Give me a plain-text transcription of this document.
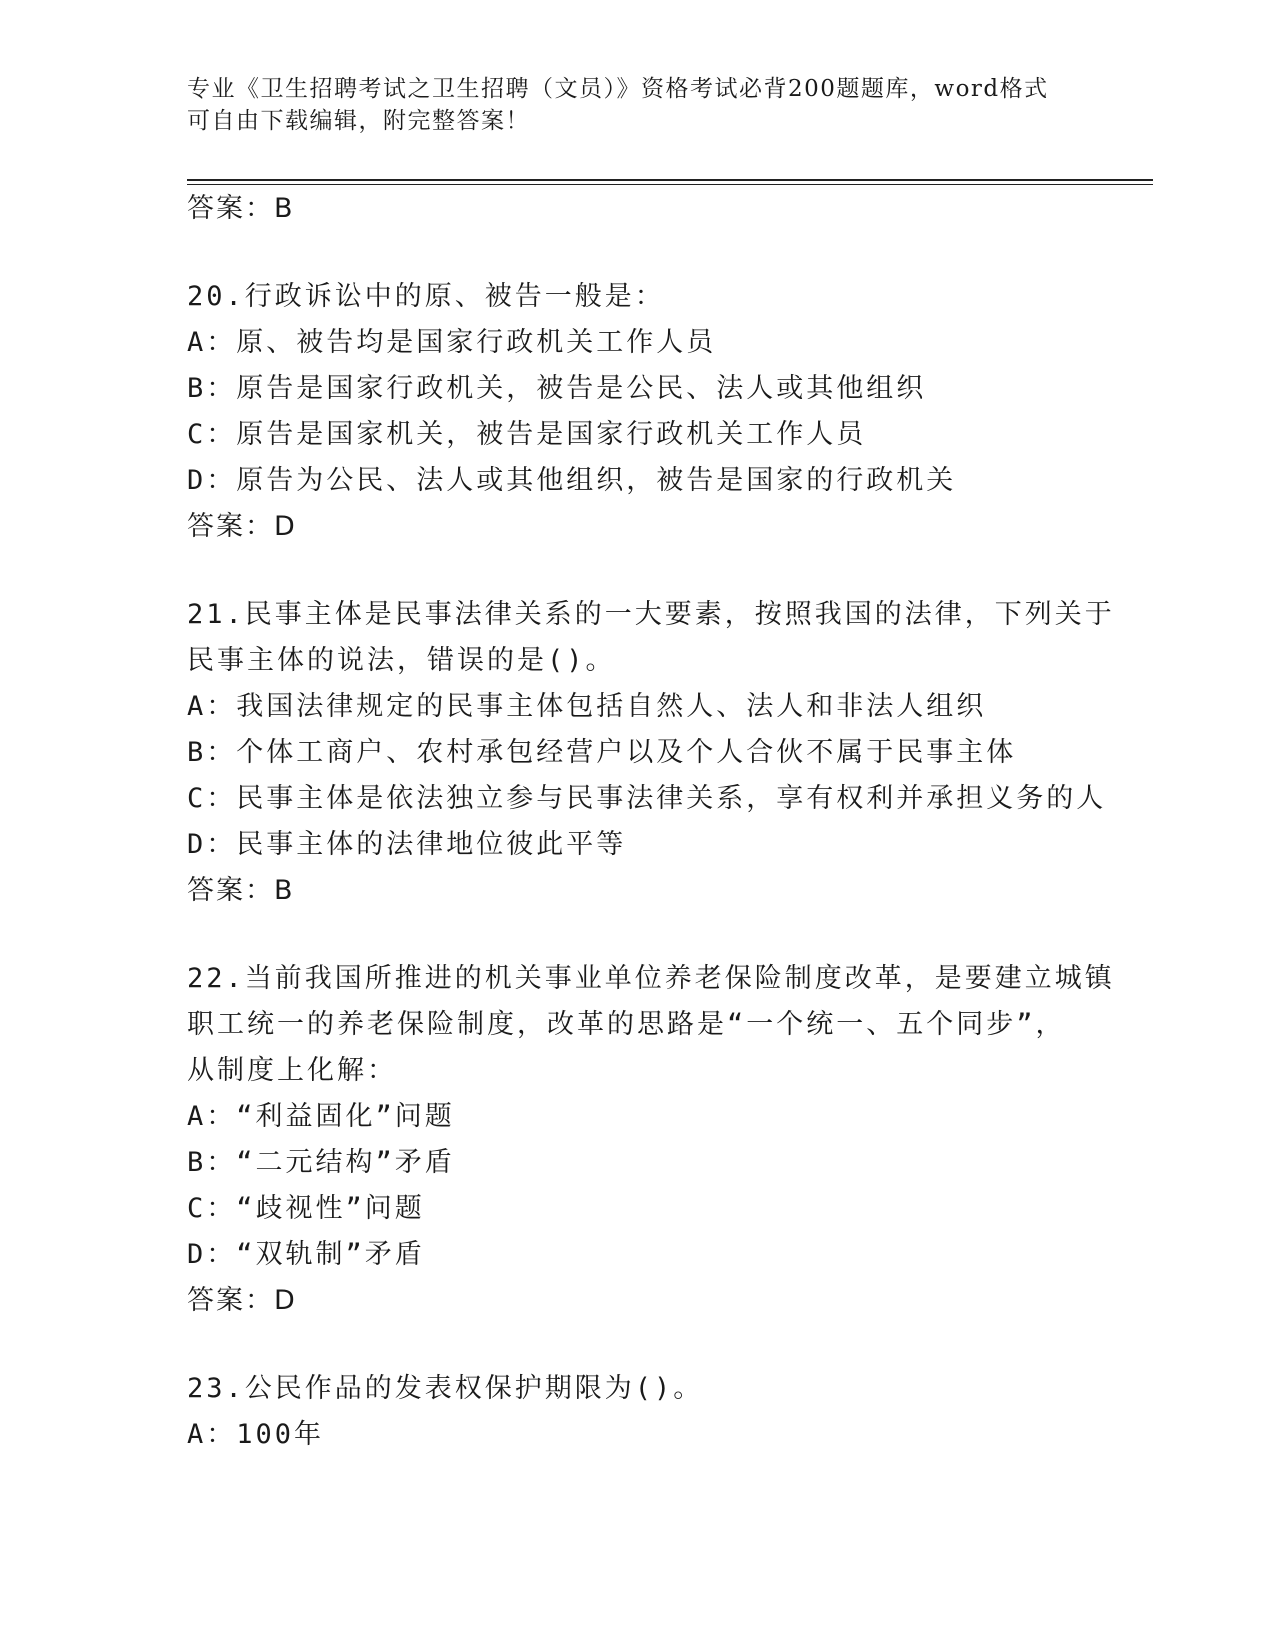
专业《卫生招聘考试之卫生招聘（文员）》资格考试必背200题题库，word格式
可自由下载编辑，附完整答案！
答案：B
20.行政诉讼中的原、被告一般是：
A：原、被告均是国家行政机关工作人员
B：原告是国家行政机关，被告是公民、法人或其他组织
C：原告是国家机关，被告是国家行政机关工作人员
D：原告为公民、法人或其他组织，被告是国家的行政机关
答案：D
21.民事主体是民事法律关系的一大要素，按照我国的法律，下列关于
民事主体的说法，错误的是()。
A：我国法律规定的民事主体包括自然人、法人和非法人组织
B：个体工商户、农村承包经营户以及个人合伙不属于民事主体
C：民事主体是依法独立参与民事法律关系，享有权利并承担义务的人
D：民事主体的法律地位彼此平等
答案：B
22.当前我国所推进的机关事业单位养老保险制度改革，是要建立城镇
职工统一的养老保险制度，改革的思路是“一个统一、五个同步”，
从制度上化解：
A：“利益固化”问题
B：“二元结构”矛盾
C：“歧视性”问题
D：“双轨制”矛盾
答案：D
23.公民作品的发表权保护期限为()。
A：100年
